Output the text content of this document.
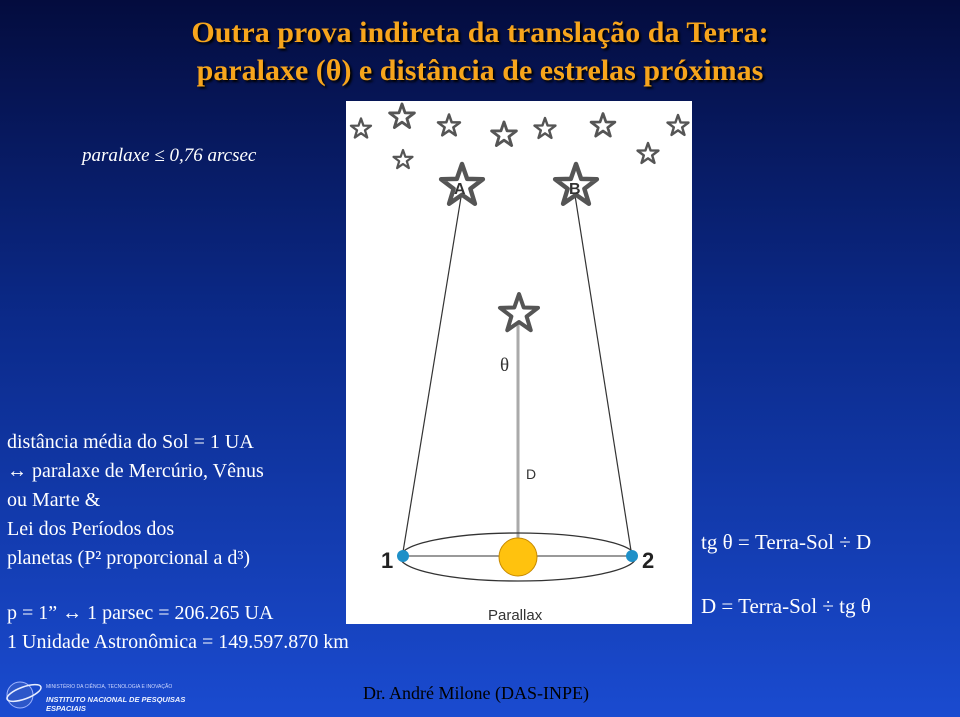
Outra prova indireta da translação da Terra:
paralaxe (θ) e distância de estrelas próximas
paralaxe ≤ 0,76 arcsec
distância média do Sol = 1 UA
↔ paralaxe de Mercúrio, Vênus
ou Marte &
Lei dos Períodos dos
planetas (P² proporcional a d³)
p = 1” ↔ 1 parsec = 206.265 UA
1 Unidade Astronômica = 149.597.870 km
tg θ = Terra-Sol ÷ D
D = Terra-Sol ÷ tg θ
A	B
θ
D
1	2
Parallax
MINISTÉRIO DA CIÊNCIA, TECNOLOGIA E INOVAÇÃO
INSTITUTO NACIONAL DE PESQUISAS ESPACIAIS
Dr. André Milone (DAS-INPE)
